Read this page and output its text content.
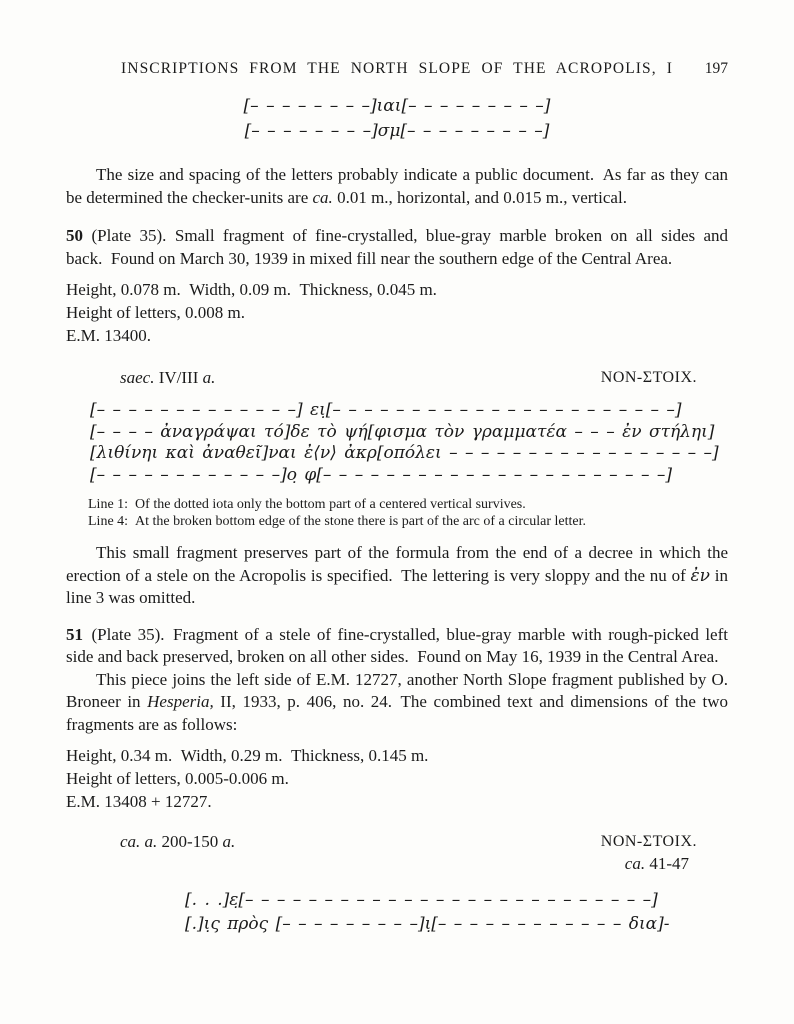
INSCRIPTIONS FROM THE NORTH SLOPE OF THE ACROPOLIS, I	197
[– – – – – – – –]ιαι[– – – – – – – – –]
[– – – – – – – –]σμ[– – – – – – – – –]
The size and spacing of the letters probably indicate a public document. As far as they can be determined the checker-units are ca. 0.01 m., horizontal, and 0.015 m., vertical.
50 (Plate 35). Small fragment of fine-crystalled, blue-gray marble broken on all sides and back. Found on March 30, 1939 in mixed fill near the southern edge of the Central Area.
Height, 0.078 m. Width, 0.09 m. Thickness, 0.045 m.
Height of letters, 0.008 m.
E.M. 13400.
saec. IV/III a.	NON-ΣΤΟΙΧ.
[– – – – – – – – – – – – –] ει̣[– – – – – – – – – – – – – – – – – – – – – –]
[– – – – ἀναγράψαι τό]δε τὸ ψή[φισμα τὸν γραμματέα – – – ἐν στήληι]
[λιθίνηι καὶ ἀναθεῖ]ναι ἐ⟨ν⟩ ἀκρ[οπόλει – – – – – – – – – – – – – – – – –]
[– – – – – – – – – – – –]ο̣ φ[– – – – – – – – – – – – – – – – – – – – – –]
Line 1: Of the dotted iota only the bottom part of a centered vertical survives.
Line 4: At the broken bottom edge of the stone there is part of the arc of a circular letter.
This small fragment preserves part of the formula from the end of a decree in which the erection of a stele on the Acropolis is specified. The lettering is very sloppy and the nu of ἐν in line 3 was omitted.
51 (Plate 35). Fragment of a stele of fine-crystalled, blue-gray marble with rough-picked left side and back preserved, broken on all other sides. Found on May 16, 1939 in the Central Area.
This piece joins the left side of E.M. 12727, another North Slope fragment published by O. Broneer in Hesperia, II, 1933, p. 406, no. 24. The combined text and dimensions of the two fragments are as follows:
Height, 0.34 m. Width, 0.29 m. Thickness, 0.145 m.
Height of letters, 0.005-0.006 m.
E.M. 13408 + 12727.
ca. a. 200-150 a.	NON-ΣΤΟΙΧ.
ca. 41-47
[. . .]ε̣[– – – – – – – – – – – – – – – – – – – – – – – – – –]
[.]ι̣ς πρὸς [– – – – – – – – –]ι̣[– – – – – – – – – – – – δια]-
